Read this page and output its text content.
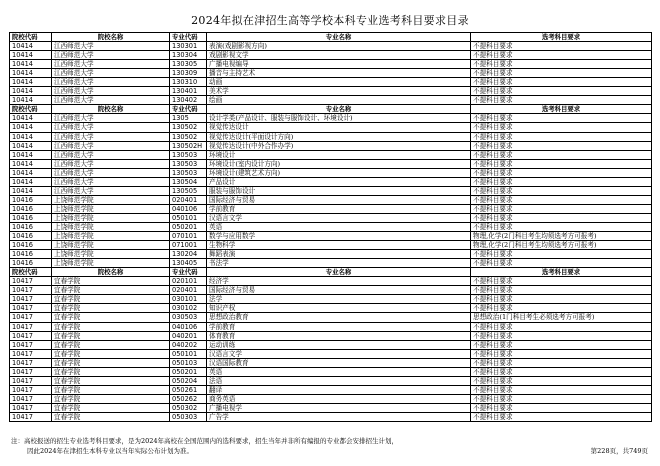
2024年拟在津招生高等学校本科专业选考科目要求目录
院校代码	院校名称	专业代码	专业名称	选考科目要求
10414	江西师范大学	130301	表演(戏剧影视方向)	不提科目要求
10414	江西师范大学	130304	戏剧影视文学	不提科目要求
10414	江西师范大学	130305	广播电视编导	不提科目要求
10414	江西师范大学	130309	播音与主持艺术	不提科目要求
10414	江西师范大学	130310	动画	不提科目要求
10414	江西师范大学	130401	美术学	不提科目要求
10414	江西师范大学	130402	绘画	不提科目要求
院校代码	院校名称	专业代码	专业名称	选考科目要求
10414	江西师范大学	1305	设计学类(产品设计、服装与服饰设计、环境设计)	不提科目要求
10414	江西师范大学	130502	视觉传达设计	不提科目要求
10414	江西师范大学	130502	视觉传达设计(平面设计方向)	不提科目要求
10414	江西师范大学	130502H	视觉传达设计(中外合作办学)	不提科目要求
10414	江西师范大学	130503	环境设计	不提科目要求
10414	江西师范大学	130503	环境设计(室内设计方向)	不提科目要求
10414	江西师范大学	130503	环境设计(建筑艺术方向)	不提科目要求
10414	江西师范大学	130504	产品设计	不提科目要求
10414	江西师范大学	130505	服装与服饰设计	不提科目要求
10416	上饶师范学院	020401	国际经济与贸易	不提科目要求
10416	上饶师范学院	040106	学前教育	不提科目要求
10416	上饶师范学院	050101	汉语言文学	不提科目要求
10416	上饶师范学院	050201	英语	不提科目要求
10416	上饶师范学院	070101	数学与应用数学	物理,化学(2门科目考生均须选考方可报考)
10416	上饶师范学院	071001	生物科学	物理,化学(2门科目考生均须选考方可报考)
10416	上饶师范学院	130204	舞蹈表演	不提科目要求
10416	上饶师范学院	130405	书法学	不提科目要求
院校代码	院校名称	专业代码	专业名称	选考科目要求
10417	宜春学院	020101	经济学	不提科目要求
10417	宜春学院	020401	国际经济与贸易	不提科目要求
10417	宜春学院	030101	法学	不提科目要求
10417	宜春学院	030102	知识产权	不提科目要求
10417	宜春学院	030503	思想政治教育	思想政治(1门科目考生必须选考方可报考)
10417	宜春学院	040106	学前教育	不提科目要求
10417	宜春学院	040201	体育教育	不提科目要求
10417	宜春学院	040202	运动训练	不提科目要求
10417	宜春学院	050101	汉语言文学	不提科目要求
10417	宜春学院	050103	汉语国际教育	不提科目要求
10417	宜春学院	050201	英语	不提科目要求
10417	宜春学院	050204	法语	不提科目要求
10417	宜春学院	050261	翻译	不提科目要求
10417	宜春学院	050262	商务英语	不提科目要求
10417	宜春学院	050302	广播电视学	不提科目要求
10417	宜春学院	050303	广告学	不提科目要求
注：高校报送的招生专业选考科目要求，是为2024年高校在全国范围内的选科要求，招生当年并非所有编报的专业都会安排招生计划，
因此2024年在津招生本科专业以当年实际公布计划为准。	第228页，共749页
